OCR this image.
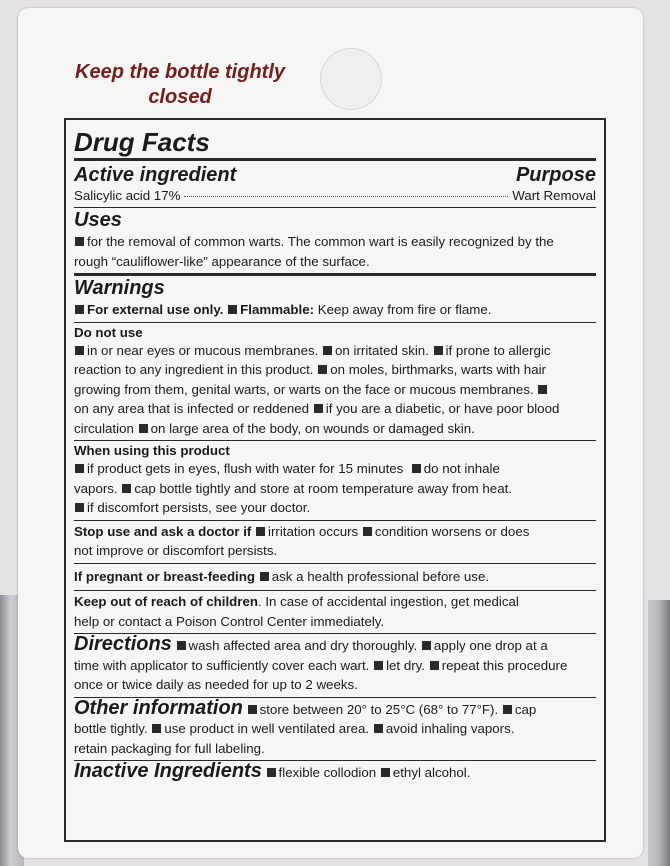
Keep the bottle tightly closed
Drug Facts
Active ingredient	Purpose
Salicylic acid 17%	Wart Removal
Uses
for the removal of common warts. The common wart is easily recognized by the
rough “cauliflower-like” appearance of the surface.
Warnings
For external use only. Flammable: Keep away from fire or flame.
Do not use
in or near eyes or mucous membranes. on irritated skin. if prone to allergic
reaction to any ingredient in this product. on moles, birthmarks, warts with hair
growing from them, genital warts, or warts on the face or mucous membranes.
on any area that is infected or reddened if you are a diabetic, or have poor blood
circulation on large area of the body, on wounds or damaged skin.
When using this product
if product gets in eyes, flush with water for 15 minutes do not inhale
vapors. cap bottle tightly and store at room temperature away from heat.
if discomfort persists, see your doctor.
Stop use and ask a doctor if irritation occurs condition worsens or does
not improve or discomfort persists.
If pregnant or breast-feeding ask a health professional before use.
Keep out of reach of children. In case of accidental ingestion, get medical
help or contact a Poison Control Center immediately.
Directions wash affected area and dry thoroughly. apply one drop at a
time with applicator to sufficiently cover each wart. let dry. repeat this procedure
once or twice daily as needed for up to 2 weeks.
Other information store between 20° to 25°C (68° to 77°F). cap
bottle tightly. use product in well ventilated area. avoid inhaling vapors.
retain packaging for full labeling.
Inactive Ingredients flexible collodion ethyl alcohol.
